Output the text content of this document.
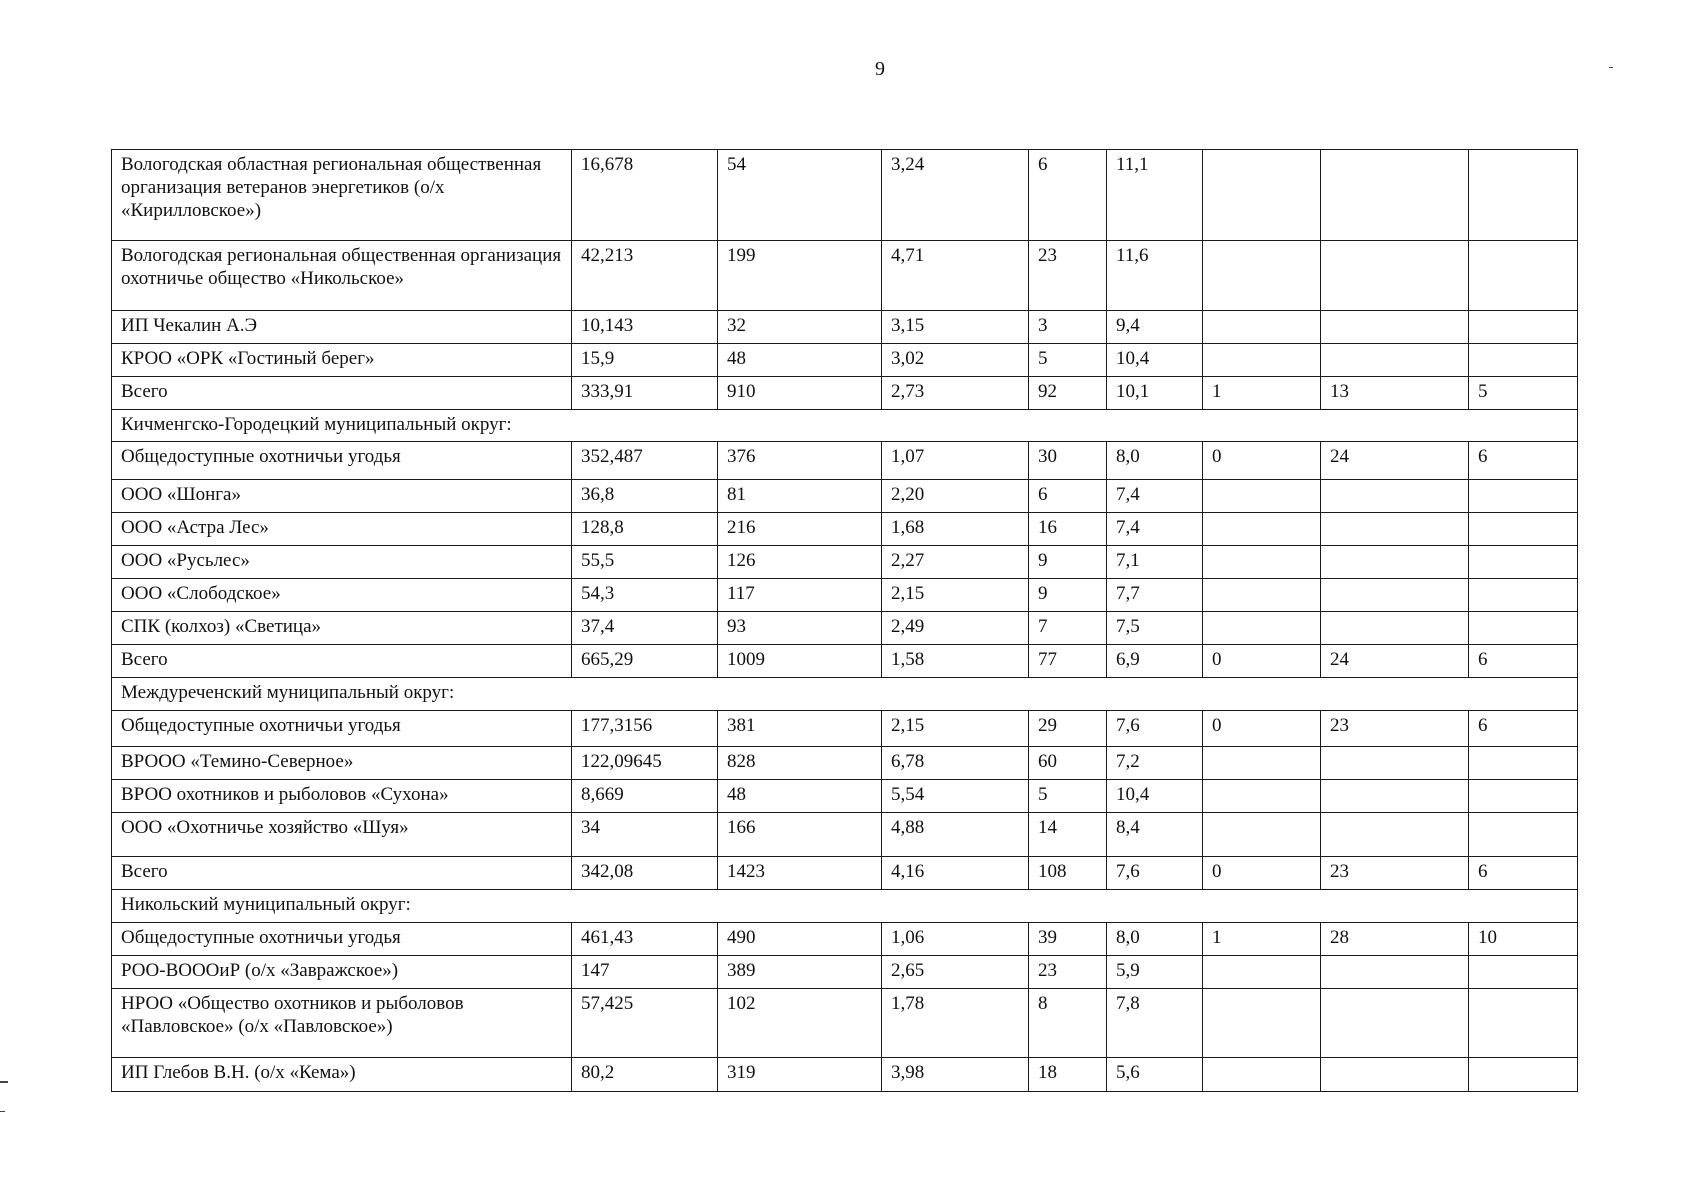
9
Вологодская областная региональная общественная организация ветеранов энергетиков (о/х «Кирилловское»)	16,678	54	3,24	6	11,1			
Вологодская региональная общественная организация охотничье общество «Никольское»	42,213	199	4,71	23	11,6			
ИП Чекалин А.Э	10,143	32	3,15	3	9,4			
КРОО «ОРК «Гостиный берег»	15,9	48	3,02	5	10,4			
Всего	333,91	910	2,73	92	10,1	1	13	5
Кичменгско-Городецкий муниципальный округ:								
Общедоступные охотничьи угодья	352,487	376	1,07	30	8,0	0	24	6
ООО «Шонга»	36,8	81	2,20	6	7,4			
ООО «Астра Лес»	128,8	216	1,68	16	7,4			
ООО «Русьлес»	55,5	126	2,27	9	7,1			
ООО «Слободское»	54,3	117	2,15	9	7,7			
СПК (колхоз) «Светица»	37,4	93	2,49	7	7,5			
Всего	665,29	1009	1,58	77	6,9	0	24	6
Междуреченский муниципальный округ:								
Общедоступные охотничьи угодья	177,3156	381	2,15	29	7,6	0	23	6
ВРООО «Темино-Северное»	122,09645	828	6,78	60	7,2			
ВРОО охотников и рыболовов «Сухона»	8,669	48	5,54	5	10,4			
ООО «Охотничье хозяйство «Шуя»	34	166	4,88	14	8,4			
Всего	342,08	1423	4,16	108	7,6	0	23	6
Никольский муниципальный округ:								
Общедоступные охотничьи угодья	461,43	490	1,06	39	8,0	1	28	10
РОО-ВОООиР (о/х «Завражское»)	147	389	2,65	23	5,9			
НРОО «Общество охотников и рыболовов «Павловское» (о/х «Павловское»)	57,425	102	1,78	8	7,8			
ИП Глебов В.Н. (о/х «Кема»)	80,2	319	3,98	18	5,6			
